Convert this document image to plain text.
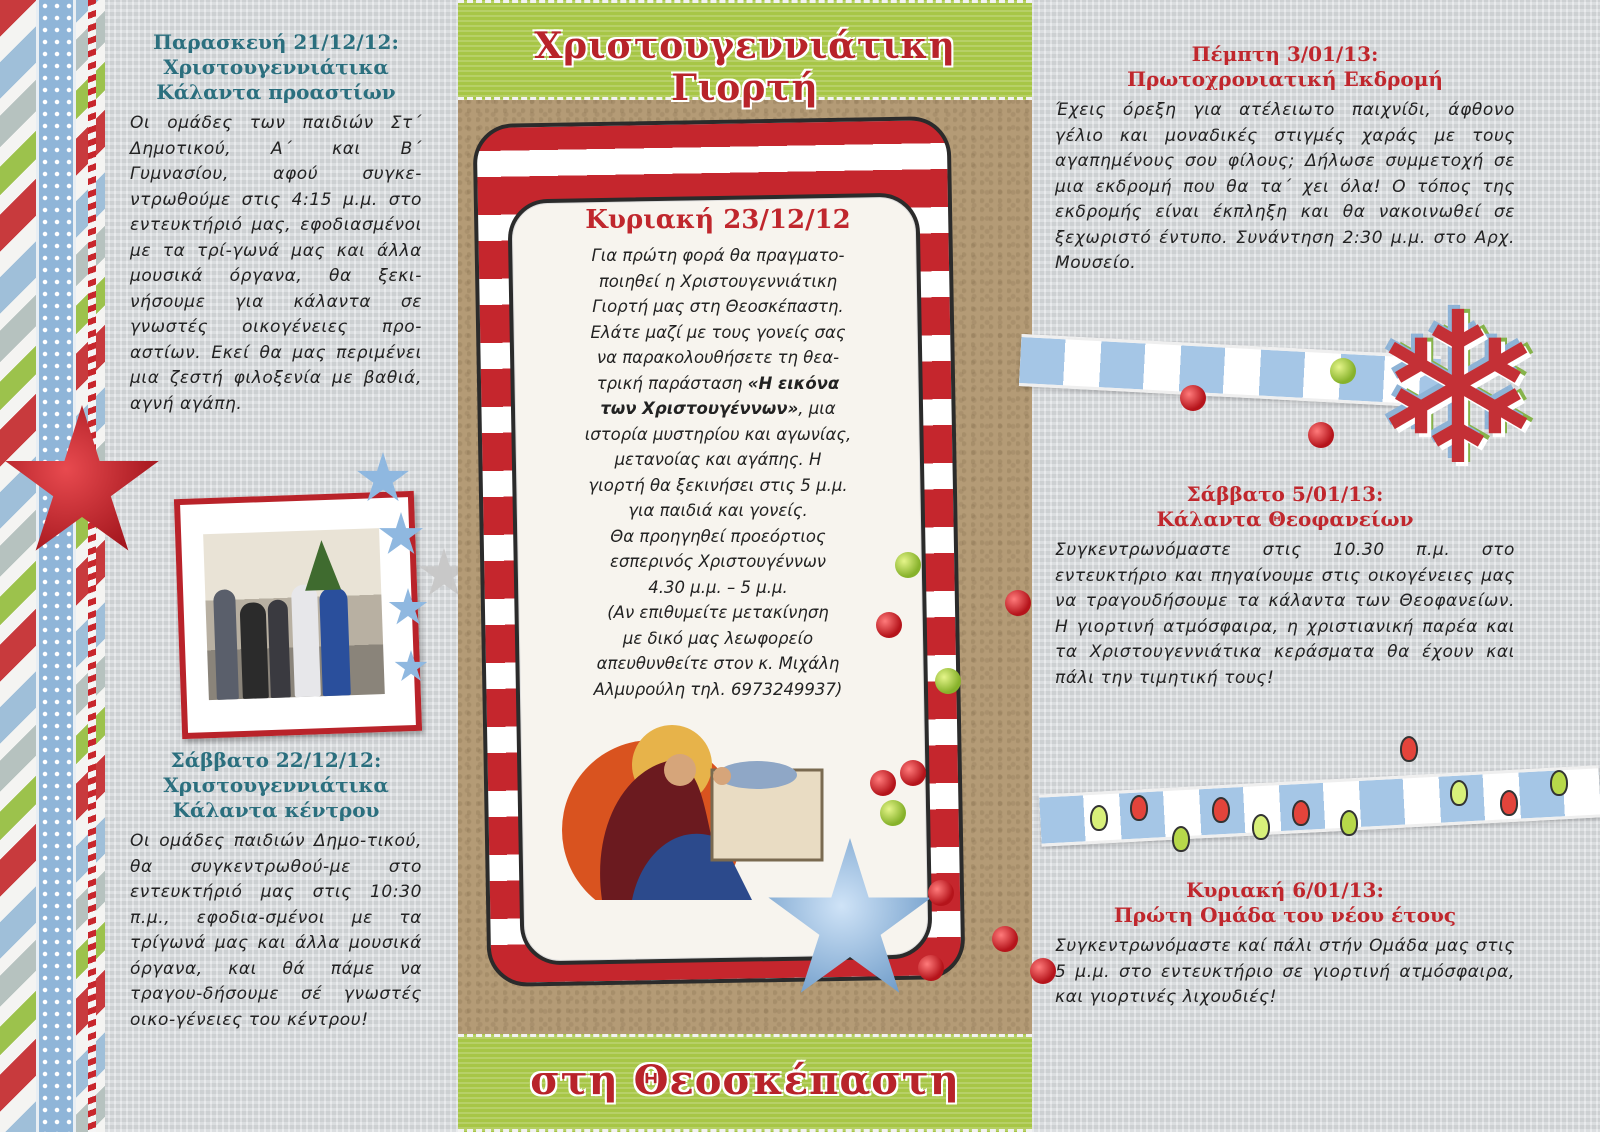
Παρασκευή 21/12/12:
Χριστουγεννιάτικα
Κάλαντα προαστίων

Οι ομάδες των παιδιών Στ΄ Δημοτικού, Α΄ και Β΄ Γυμνασίου, αφού συγκε-ντρωθούμε στις 4:15 μ.μ. στο εντευκτήριό μας, εφοδιασμένοι με τα τρί-γωνά μας και άλλα μουσικά όργανα, θα ξεκι-νήσουμε για κάλαντα σε γνωστές οικογένειες προ-αστίων. Εκεί θα μας περιμένει μια ζεστή φιλοξενία με βαθιά, αγνή αγάπη.

Σάββατο 22/12/12:
Χριστουγεννιάτικα
Κάλαντα κέντρου

Οι ομάδες παιδιών Δημο-τικού, θα συγκεντρωθού-με στο εντευκτήριό μας στις 10:30 π.μ., εφοδια-σμένοι με τα τρίγωνά μας και άλλα μουσικά όργανα, και θά πάμε να τραγου-δήσουμε σέ γνωστές οικο-γένειες του κέντρου!

Χριστουγεννιάτικη Γιορτή
στη Θεοσκέπαστη
Κυριακή 23/12/12

Για πρώτη φορά θα πραγματο-
ποιηθεί η Χριστουγεννιάτικη
Γιορτή μας στη Θεοσκέπαστη.
Ελάτε μαζί με τους γονείς σας
να παρακολουθήσετε τη θεα-
τρική παράσταση «Η εικόνα
των Χριστουγέννων», μια
ιστορία μυστηρίου και αγωνίας,
μετανοίας και αγάπης. Η
γιορτή θα ξεκινήσει στις 5 μ.μ.
για παιδιά και γονείς.
Θα προηγηθεί προεόρτιος
εσπερινός Χριστουγέννων
4.30 μ.μ. – 5 μ.μ.
(Αν επιθυμείτε μετακίνηση
με δικό μας λεωφορείο
απευθυνθείτε στον κ. Μιχάλη
Αλμυρούλη τηλ. 6973249937)

❄
Πέμπτη 3/01/13:
Πρωτοχρονιατική Εκδρομή

Έχεις όρεξη για ατέλειωτο παιχνίδι, άφθονο γέλιο και μοναδικές στιγμές χαράς με τους αγαπημένους σου φίλους; Δήλωσε συμμετοχή σε μια εκδρομή που θα τα΄ χει όλα! Ο τόπος της εκδρομής είναι έκπληξη και θα νακοινωθεί σε ξεχωριστό έντυπο. Συνάντηση 2:30 μ.μ. στο Αρχ. Μουσείο.

Σάββατο 5/01/13:
Κάλαντα Θεοφανείων

Συγκεντρωνόμαστε στις 10.30 π.μ. στο εντευκτήριο και πηγαίνουμε στις οικογένειες μας να τραγουδήσουμε τα κάλαντα των Θεοφανείων. Η γιορτινή ατμόσφαιρα, η χριστιανική παρέα και τα Χριστουγεννιάτικα κεράσματα θα έχουν και πάλι την τιμητική τους!

Κυριακή 6/01/13:
Πρώτη Ομάδα του νέου έτους

Συγκεντρωνόμαστε καί πάλι στήν Ομάδα μας στις 5 μ.μ. στο εντευκτήριο σε γιορτινή ατμόσφαιρα, και γιορτινές λιχουδιές!
